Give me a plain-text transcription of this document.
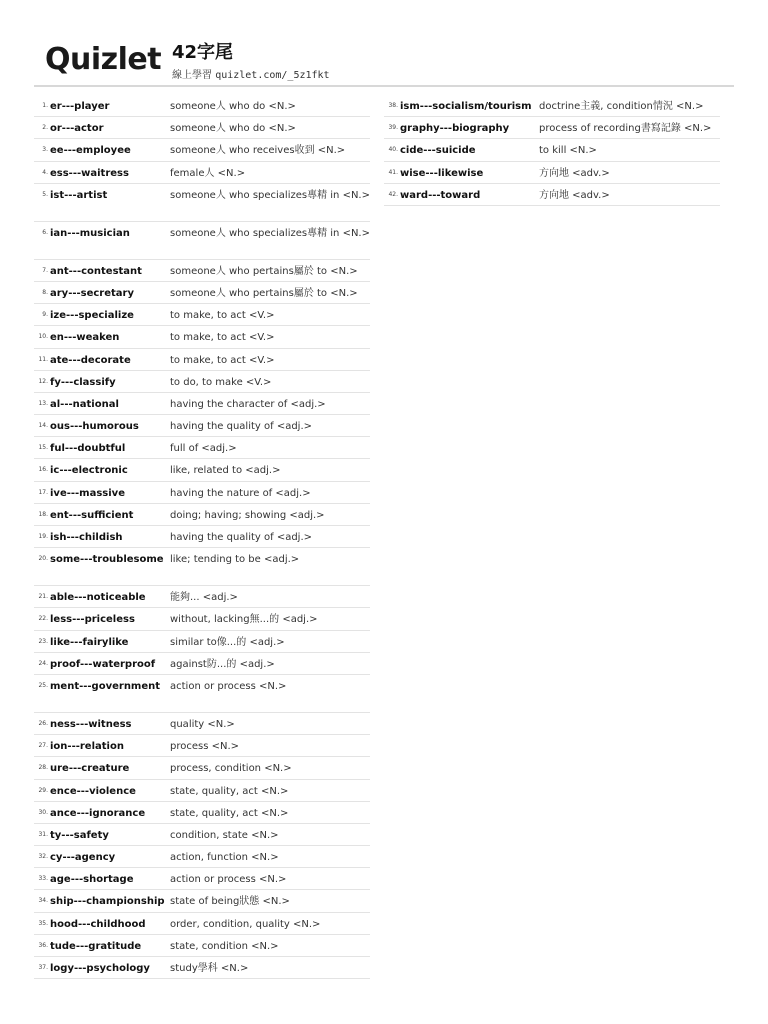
Quizlet 42字尾
線上學習 quizlet.com/_5z1fkt
1. er---player	someone人 who do <N.>
2. or---actor	someone人 who do <N.>
3. ee---employee	someone人 who receives收到 <N.>
4. ess---waitress	female人 <N.>
5. ist---artist	someone人 who specializes專精 in <N.>
6. ian---musician	someone人 who specializes專精 in <N.>
7. ant---contestant	someone人 who pertains屬於 to <N.>
8. ary---secretary	someone人 who pertains屬於 to <N.>
9. ize---specialize	to make, to act <V.>
10. en---weaken	to make, to act <V.>
11. ate---decorate	to make, to act <V.>
12. fy---classify	to do, to make <V.>
13. al---national	having the character of <adj.>
14. ous---humorous	having the quality of <adj.>
15. ful---doubtful	full of <adj.>
16. ic---electronic	like, related to <adj.>
17. ive---massive	having the nature of <adj.>
18. ent---sufficient	doing; having; showing <adj.>
19. ish---childish	having the quality of <adj.>
20. some---troublesome like; tending to be <adj.>
21. able---noticeable	能夠... <adj.>
22. less---priceless	without, lacking無...的 <adj.>
23. like---fairylike	similar to像...的 <adj.>
24. proof---waterproof	against防...的 <adj.>
25. ment---government action or process <N.>
26. ness---witness	quality <N.>
27. ion---relation	process <N.>
28. ure---creature	process, condition <N.>
29. ence---violence	state, quality, act <N.>
30. ance---ignorance	state, quality, act <N.>
31. ty---safety	condition, state <N.>
32. cy---agency	action, function <N.>
33. age---shortage	action or process <N.>
34. ship---championship state of being狀態 <N.>
35. hood---childhood	order, condition, quality <N.>
36. tude---gratitude	state, condition <N.>
37. logy---psychology	study學科 <N.>
38. ism---socialism/tourism doctrine主義, condition情況 <N.>
39. graphy---biography	process of recording書寫記錄 <N.>
40. cide---suicide	to kill <N.>
41. wise---likewise	方向地 <adv.>
42. ward---toward	方向地 <adv.>
